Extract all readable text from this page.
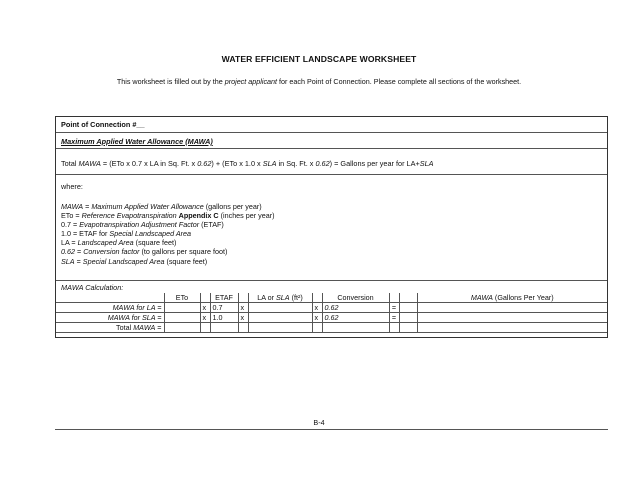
WATER EFFICIENT LANDSCAPE WORKSHEET
This worksheet is filled out by the project applicant for each Point of Connection. Please complete all sections of the worksheet.
Point of Connection #__
Maximum Applied Water Allowance (MAWA)
Total MAWA = (ETo x 0.7 x LA in Sq. Ft. x 0.62) + (ETo x 1.0 x SLA in Sq. Ft. x 0.62) = Gallons per year for LA+SLA
where:
MAWA = Maximum Applied Water Allowance (gallons per year)
ETo = Reference Evapotranspiration Appendix C (inches per year)
0.7 = Evapotranspiration Adjustment Factor (ETAF)
1.0 = ETAF for Special Landscaped Area
LA = Landscaped Area (square feet)
0.62 = Conversion factor (to gallons per square foot)
SLA = Special Landscaped Area (square feet)
MAWA Calculation:
	ETo		ETAF		LA or SLA (ft²)		Conversion			MAWA (Gallons Per Year)
MAWA for LA =		x	0.7	x		x	0.62	=		
MAWA for SLA =		x	1.0	x		x	0.62	=		
Total MAWA =										
B-4
